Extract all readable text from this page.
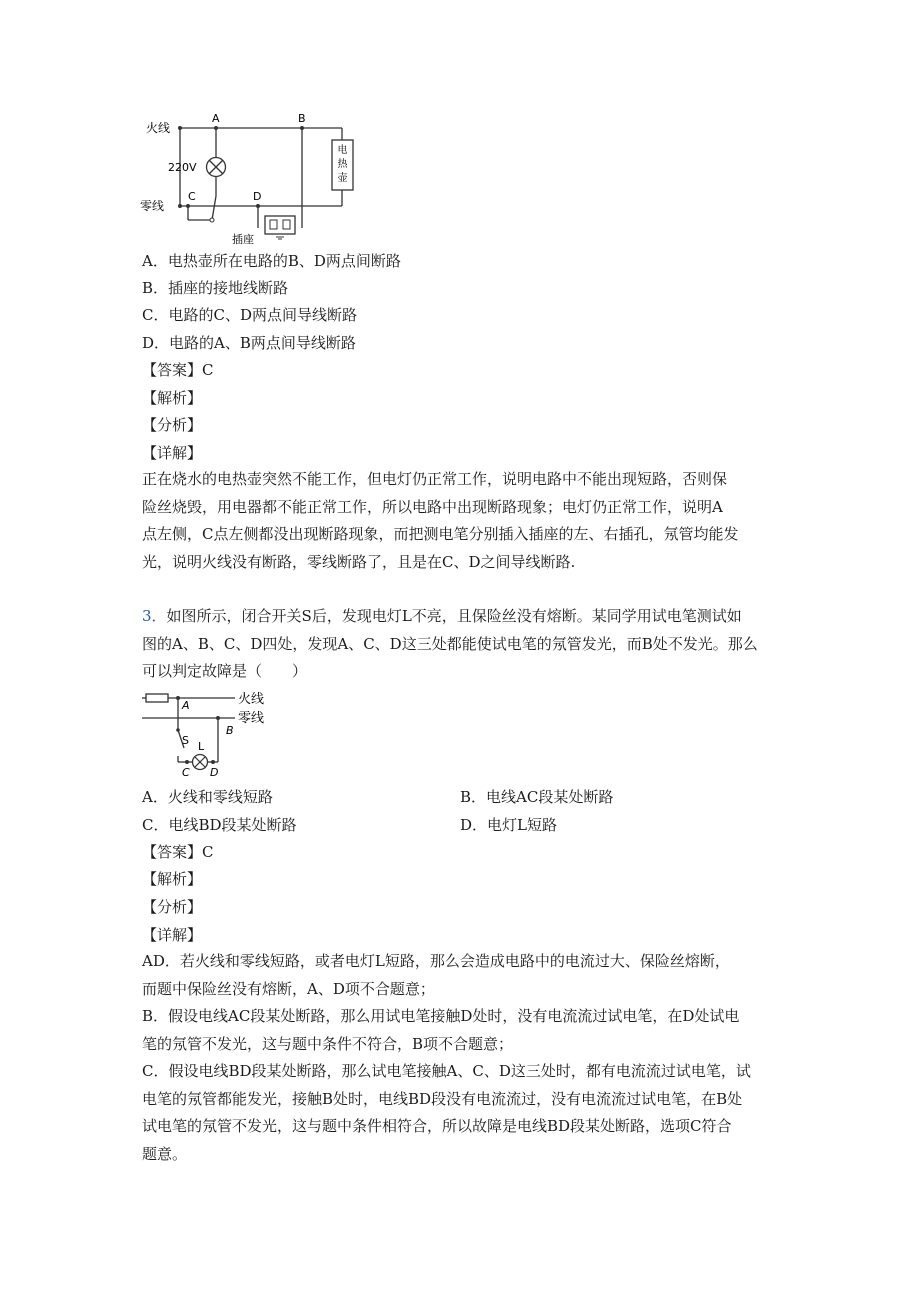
电
热
壶
火线
零线
220V
A	B
C	D
插座
A．电热壶所在电路的B、D两点间断路
B．插座的接地线断路
C．电路的C、D两点间导线断路
D．电路的A、B两点间导线断路
【答案】C
【解析】
【分析】
【详解】
正在烧水的电热壶突然不能工作，但电灯仍正常工作，说明电路中不能出现短路，否则保
险丝烧毁，用电器都不能正常工作，所以电路中出现断路现象；电灯仍正常工作，说明A
点左侧，C点左侧都没出现断路现象，而把测电笔分别插入插座的左、右插孔，氖管均能发
光，说明火线没有断路，零线断路了，且是在C、D之间导线断路.
3．如图所示，闭合开关S后，发现电灯L不亮，且保险丝没有熔断。某同学用试电笔测试如
图的A、B、C、D四处，发现A、C、D这三处都能使试电笔的氖管发光，而B处不发光。那么
可以判定故障是（　　）
火线
零线
A
B
S L
C D
A．火线和零线短路	B．电线AC段某处断路
C．电线BD段某处断路	D．电灯L短路
【答案】C
【解析】
【分析】
【详解】
AD．若火线和零线短路，或者电灯L短路，那么会造成电路中的电流过大、保险丝熔断，
而题中保险丝没有熔断，A、D项不合题意；
B．假设电线AC段某处断路，那么用试电笔接触D处时，没有电流流过试电笔，在D处试电
笔的氖管不发光，这与题中条件不符合，B项不合题意；
C．假设电线BD段某处断路，那么试电笔接触A、C、D这三处时，都有电流流过试电笔，试
电笔的氖管都能发光，接触B处时，电线BD段没有电流流过，没有电流流过试电笔，在B处
试电笔的氖管不发光，这与题中条件相符合，所以故障是电线BD段某处断路，选项C符合
题意。
